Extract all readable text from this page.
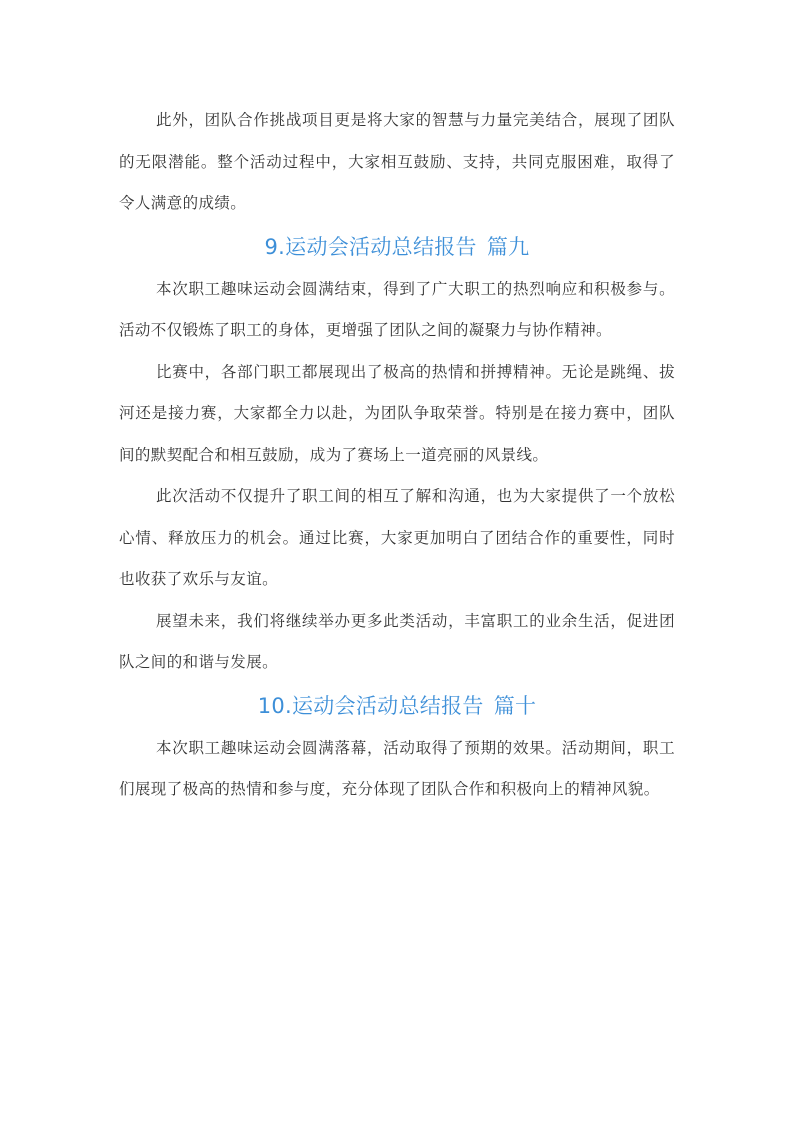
此外，团队合作挑战项目更是将大家的智慧与力量完美结合，展现了团队的无限潜能。整个活动过程中，大家相互鼓励、支持，共同克服困难，取得了令人满意的成绩。

9.运动会活动总结报告 篇九

本次职工趣味运动会圆满结束，得到了广大职工的热烈响应和积极参与。活动不仅锻炼了职工的身体，更增强了团队之间的凝聚力与协作精神。

比赛中，各部门职工都展现出了极高的热情和拼搏精神。无论是跳绳、拔河还是接力赛，大家都全力以赴，为团队争取荣誉。特别是在接力赛中，团队间的默契配合和相互鼓励，成为了赛场上一道亮丽的风景线。

此次活动不仅提升了职工间的相互了解和沟通，也为大家提供了一个放松心情、释放压力的机会。通过比赛，大家更加明白了团结合作的重要性，同时也收获了欢乐与友谊。

展望未来，我们将继续举办更多此类活动，丰富职工的业余生活，促进团队之间的和谐与发展。

10.运动会活动总结报告 篇十

本次职工趣味运动会圆满落幕，活动取得了预期的效果。活动期间，职工们展现了极高的热情和参与度，充分体现了团队合作和积极向上的精神风貌。
